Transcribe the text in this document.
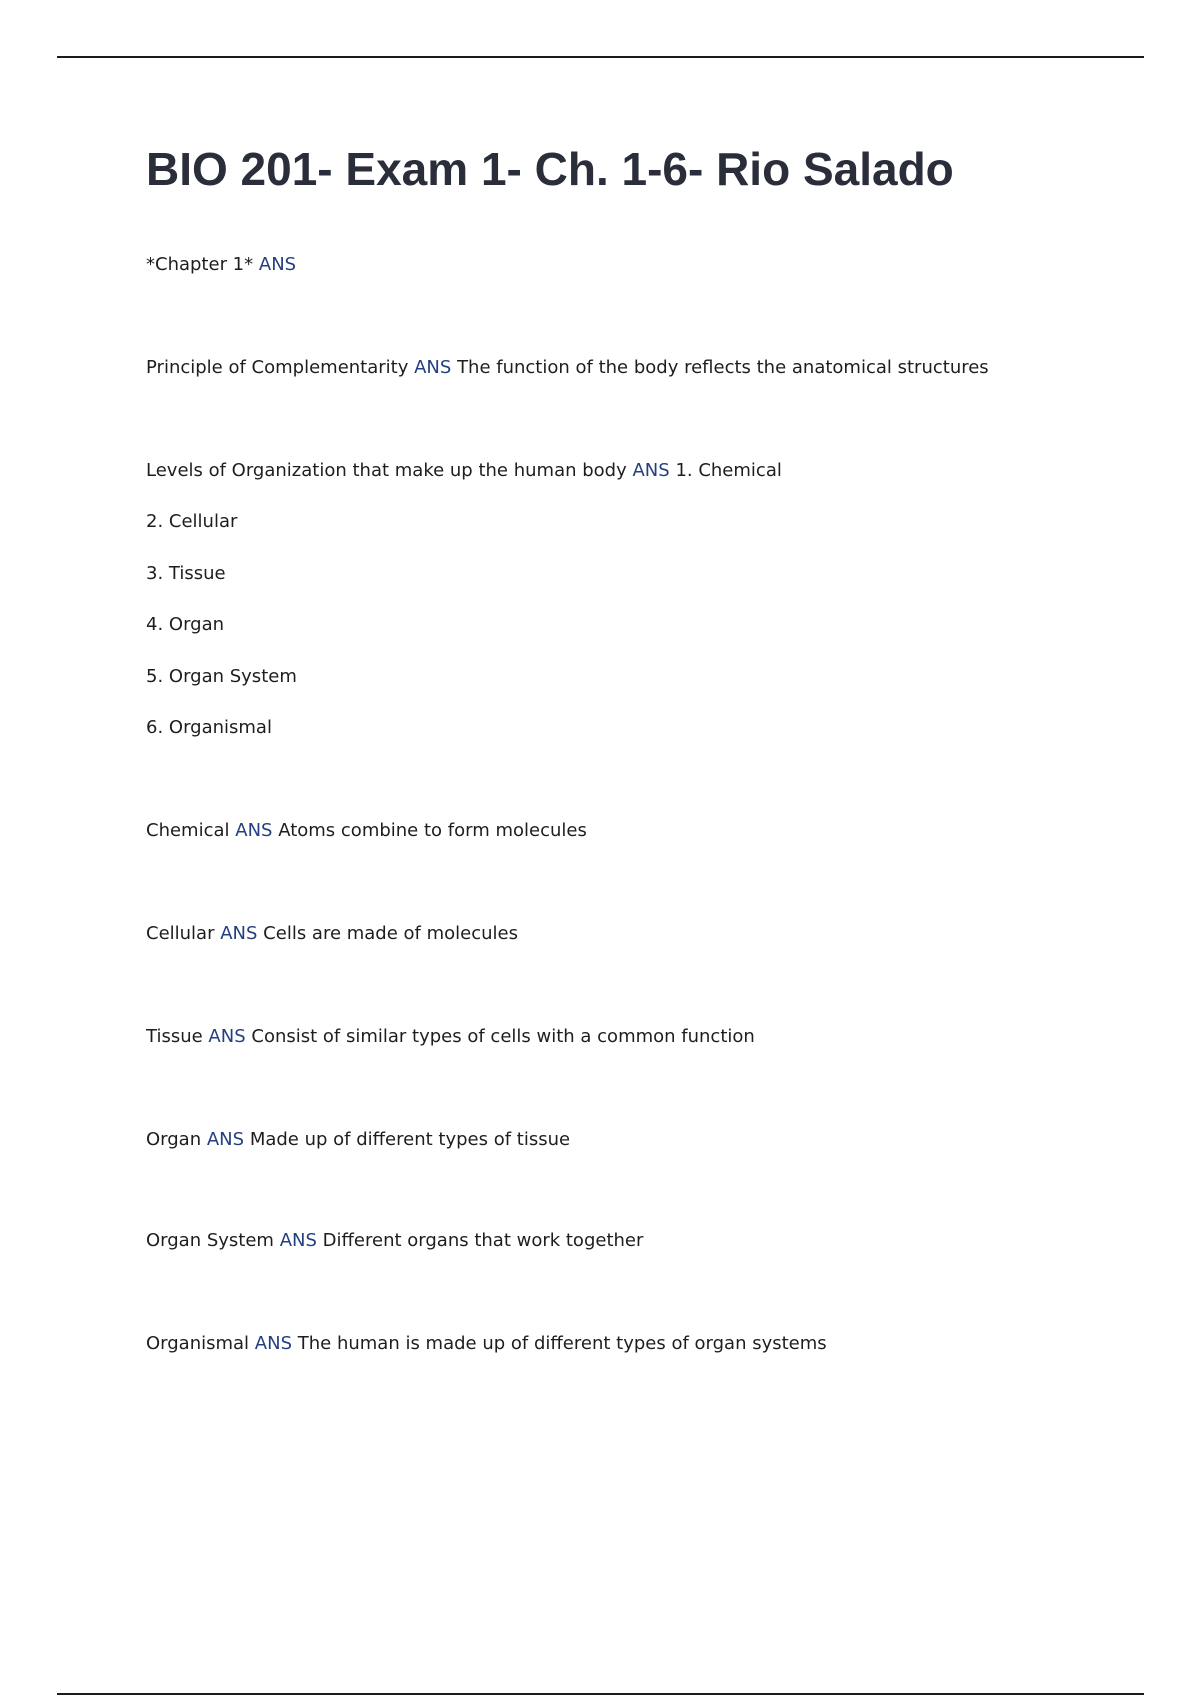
BIO 201- Exam 1- Ch. 1-6- Rio Salado

*Chapter 1* ANS

Principle of Complementarity ANS The function of the body reflects the anatomical structures

Levels of Organization that make up the human body ANS 1. Chemical

2. Cellular

3. Tissue

4. Organ

5. Organ System

6. Organismal

Chemical ANS Atoms combine to form molecules

Cellular ANS Cells are made of molecules

Tissue ANS Consist of similar types of cells with a common function

Organ ANS Made up of different types of tissue

Organ System ANS Different organs that work together

Organismal ANS The human is made up of different types of organ systems
